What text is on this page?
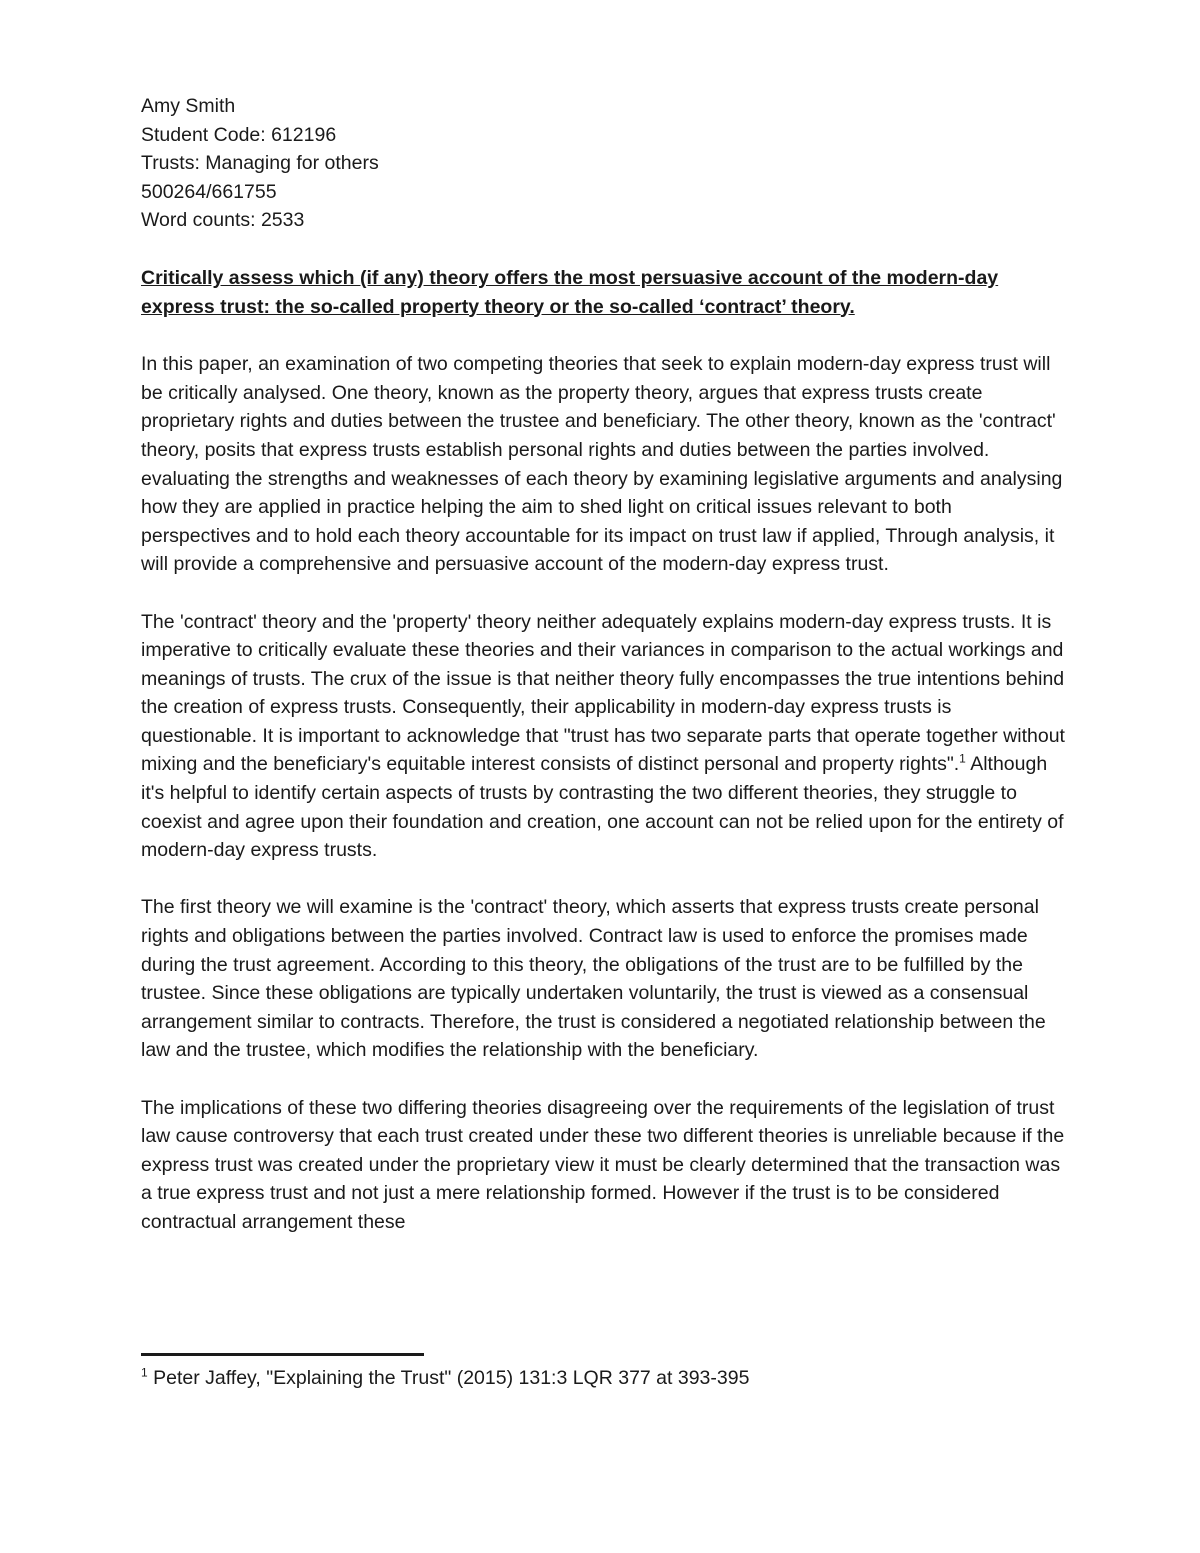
Amy Smith

Student Code: 612196

Trusts: Managing for others

500264/661755

Word counts: 2533

Critically assess which (if any) theory offers the most persuasive account of the modern-day express trust: the so-called property theory or the so-called ‘contract’ theory.

In this paper, an examination of two competing theories that seek to explain modern-day express trust will be critically analysed. One theory, known as the property theory, argues that express trusts create proprietary rights and duties between the trustee and beneficiary. The other theory, known as the 'contract' theory, posits that express trusts establish personal rights and duties between the parties involved. evaluating the strengths and weaknesses of each theory by examining legislative arguments and analysing how they are applied in practice helping the aim to shed light on critical issues relevant to both perspectives and to hold each theory accountable for its impact on trust law if applied, Through analysis, it will provide a comprehensive and persuasive account of the modern-day express trust.

The 'contract' theory and the 'property' theory neither adequately explains modern-day express trusts. It is imperative to critically evaluate these theories and their variances in comparison to the actual workings and meanings of trusts. The crux of the issue is that neither theory fully encompasses the true intentions behind the creation of express trusts. Consequently, their applicability in modern-day express trusts is questionable. It is important to acknowledge that "trust has two separate parts that operate together without mixing and the beneficiary's equitable interest consists of distinct personal and property rights".$^1$ Although it's helpful to identify certain aspects of trusts by contrasting the two different theories, they struggle to coexist and agree upon their foundation and creation, one account can not be relied upon for the entirety of modern-day express trusts.

The first theory we will examine is the 'contract' theory, which asserts that express trusts create personal rights and obligations between the parties involved. Contract law is used to enforce the promises made during the trust agreement. According to this theory, the obligations of the trust are to be fulfilled by the trustee. Since these obligations are typically undertaken voluntarily, the trust is viewed as a consensual arrangement similar to contracts. Therefore, the trust is considered a negotiated relationship between the law and the trustee, which modifies the relationship with the beneficiary.

The implications of these two differing theories disagreeing over the requirements of the legislation of trust law cause controversy that each trust created under these two different theories is unreliable because if the express trust was created under the proprietary view it must be clearly determined that the transaction was a true express trust and not just a mere relationship formed. However if the trust is to be considered contractual arrangement these

$^1$ Peter Jaffey, "Explaining the Trust" (2015) 131:3 LQR 377 at 393-395
